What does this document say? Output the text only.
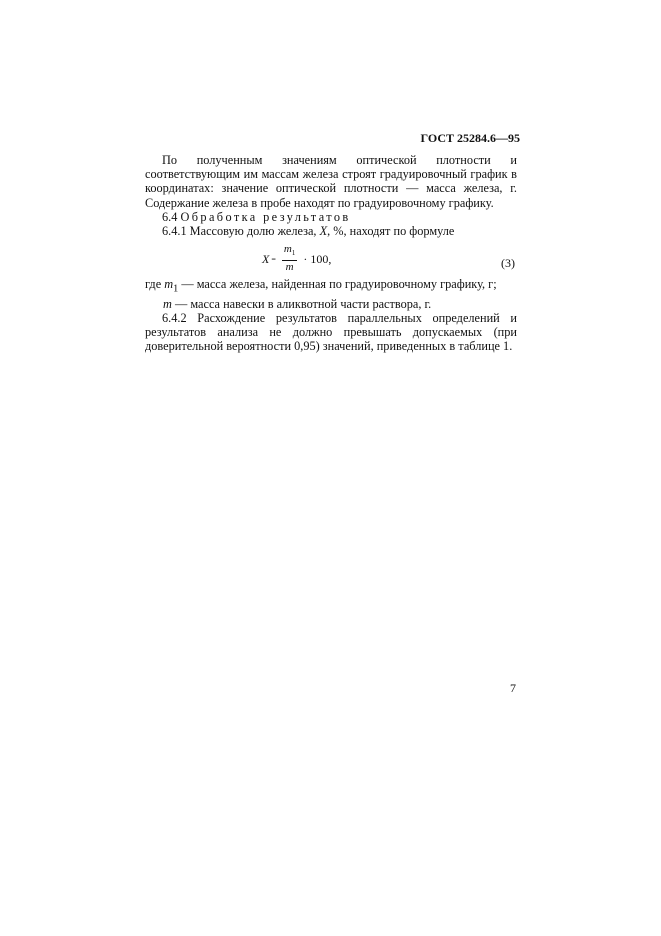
ГОСТ 25284.6—95

По полученным значениям оптической плотности и соответствующим им массам железа строят градуировочный график в координатах: значение оптической плотности — масса железа, г. Содержание железа в пробе находят по градуировочному графику.

6.4 Обработка результатов

6.4.1 Массовую долю железа, X, %, находят по формуле

$X = \frac{m_1}{m} \cdot 100$ ,	(3)

где $m_1$ — масса железа, найденная по градуировочному графику, г;

m — масса навески в аликвотной части раствора, г.

6.4.2 Расхождение результатов параллельных определений и результатов анализа не должно превышать допускаемых (при доверительной вероятности 0,95) значений, приведенных в таблице 1.

7
